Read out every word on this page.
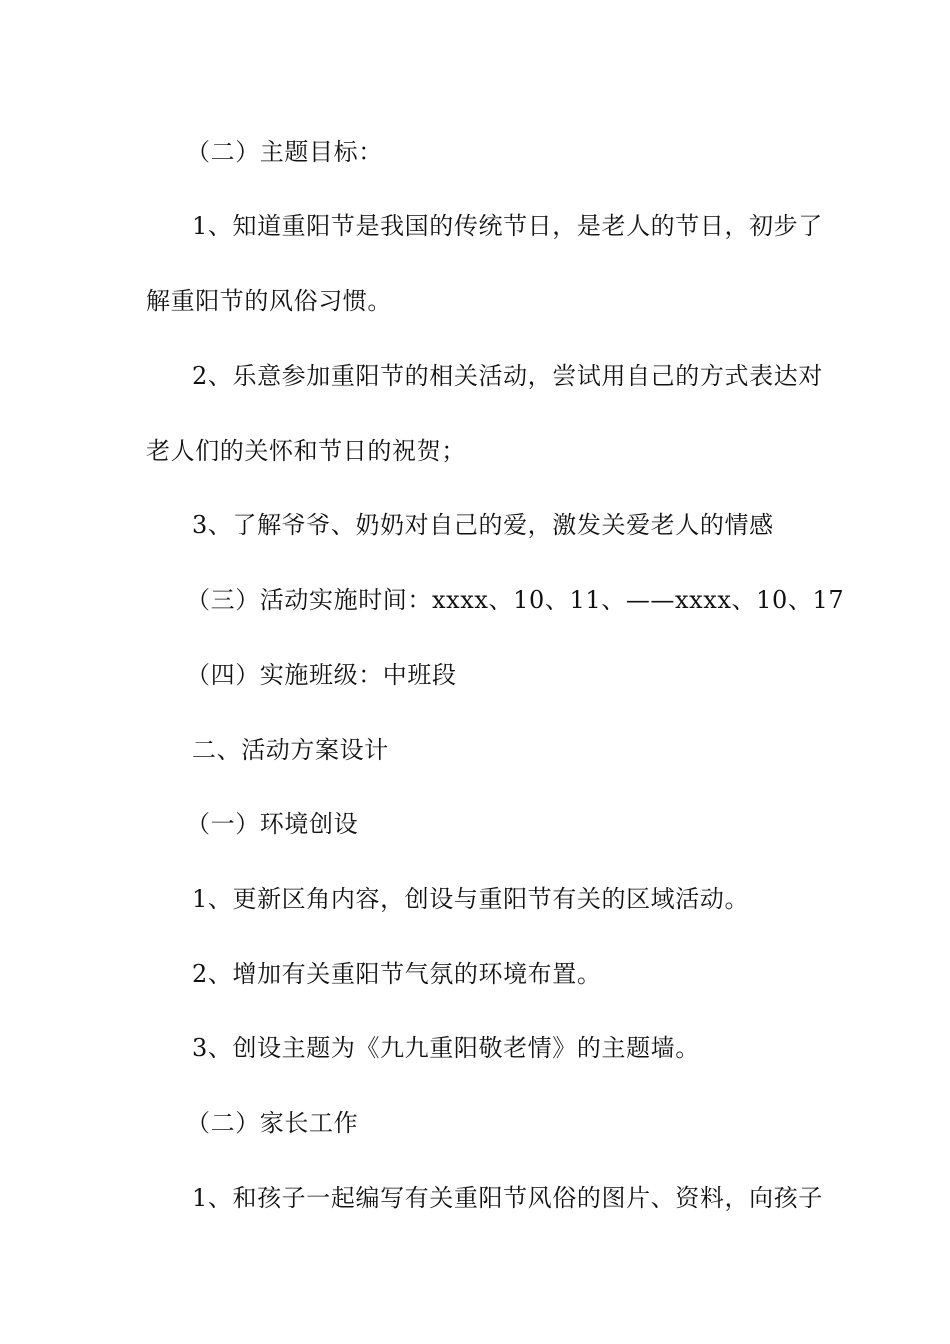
（二）主题目标：
1、知道重阳节是我国的传统节日，是老人的节日，初步了
解重阳节的风俗习惯。
2、乐意参加重阳节的相关活动，尝试用自己的方式表达对
老人们的关怀和节日的祝贺；
3、了解爷爷、奶奶对自己的爱，激发关爱老人的情感
（三）活动实施时间：xxxx、10、11、——xxxx、10、17
（四）实施班级：中班段
二、活动方案设计
（一）环境创设
1、更新区角内容，创设与重阳节有关的区域活动。
2、增加有关重阳节气氛的环境布置。
3、创设主题为《九九重阳敬老情》的主题墙。
（二）家长工作
1、和孩子一起编写有关重阳节风俗的图片、资料，向孩子
